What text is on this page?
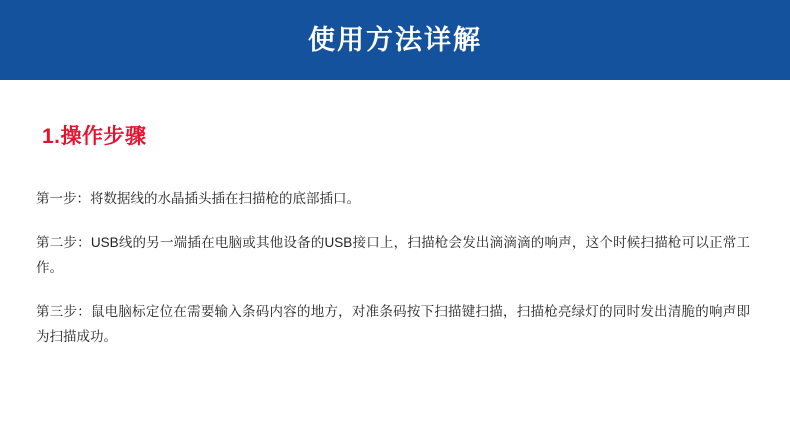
使用方法详解
1.操作步骤

第一步：将数据线的水晶插头插在扫描枪的底部插口。

第二步：USB线的另一端插在电脑或其他设备的USB接口上，扫描枪会发出滴滴滴的响声，这个时候扫描枪可以正常工作。

第三步：鼠电脑标定位在需要输入条码内容的地方，对准条码按下扫描键扫描，扫描枪亮绿灯的同时发出清脆的响声即为扫描成功。
